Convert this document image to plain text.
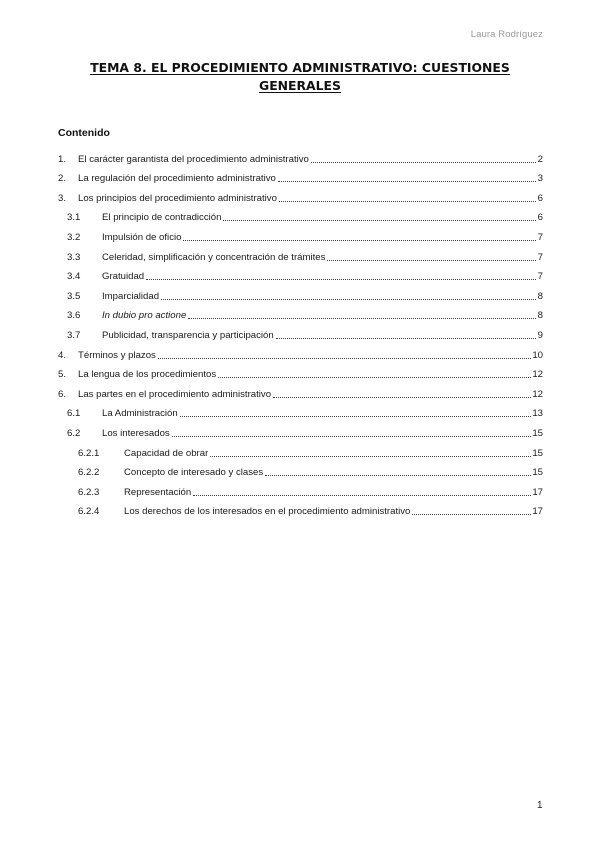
Laura Rodríguez
TEMA 8. EL PROCEDIMIENTO ADMINISTRATIVO: CUESTIONES GENERALES
Contenido
1.	El carácter garantista del procedimiento administrativo	2
2.	La regulación del procedimiento administrativo	3
3.	Los principios del procedimiento administrativo	6
3.1	El principio de contradicción	6
3.2	Impulsión de oficio	7
3.3	Celeridad, simplificación y concentración de trámites	7
3.4	Gratuidad	7
3.5	Imparcialidad	8
3.6	In dubio pro actione	8
3.7	Publicidad, transparencia y participación	9
4.	Términos y plazos	10
5.	La lengua de los procedimientos	12
6.	Las partes en el procedimiento administrativo	12
6.1	La Administración	13
6.2	Los interesados	15
6.2.1	Capacidad de obrar	15
6.2.2	Concepto de interesado y clases	15
6.2.3	Representación	17
6.2.4	Los derechos de los interesados en el procedimiento administrativo	17
1
